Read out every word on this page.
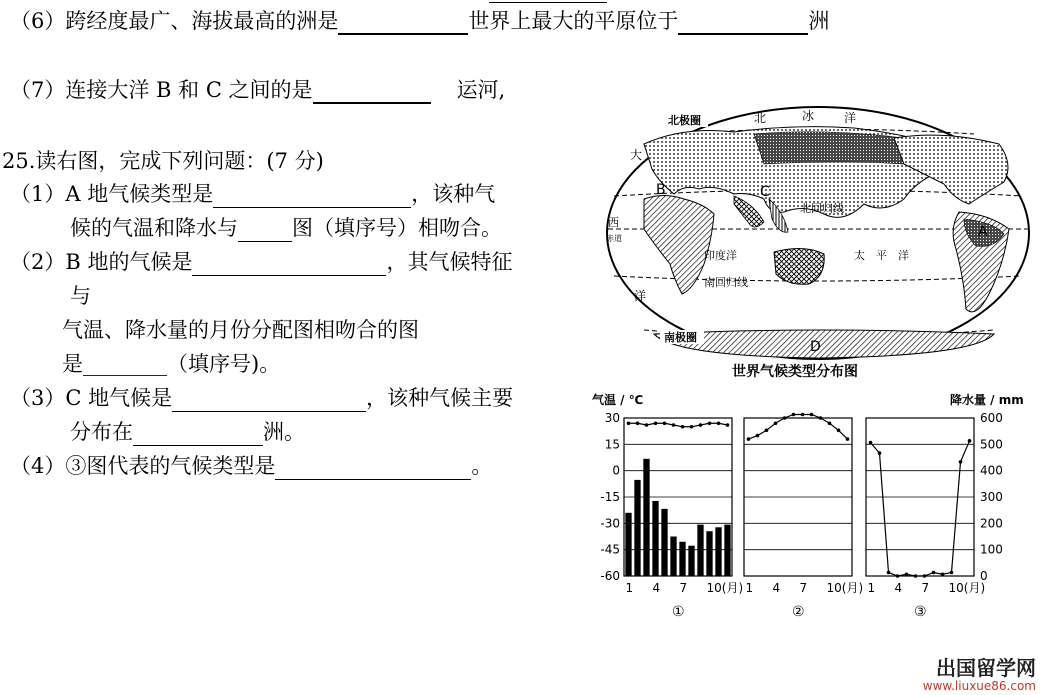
（6）跨经度最广、海拔最高的洲是	世界上最大的平原位于	洲
（7）连接大洋 B 和 C 之间的是	运河,
25.读右图，完成下列问题：(7 分)
（1）A 地气候类型是	，该种气
候的气温和降水与	图（填序号）相吻合。
（2）B 地的气候是	，其气候特征
与
气温、降水量的月份分配图相吻合的图
是________（填序号)。
（3）C 地气候是	，该种气候主要
分布在	洲。
（4）③图代表的气候类型是	。
北极圈	北	冰 洋
大
西
赤道
洋
北回归线
印度洋	太　平　洋
南回归线
南极圈
A
B	C
D
世界气候类型分布图
气温 / ℃	降水量 / mm
30
15
0
-15
-30
-45
-60
600
500
400
300
200
100
0
1 4 7 10(月)
①
1 4 7 10(月)
②
1 4 7 10(月)
③
出国留学网
www.liuxue86.com
